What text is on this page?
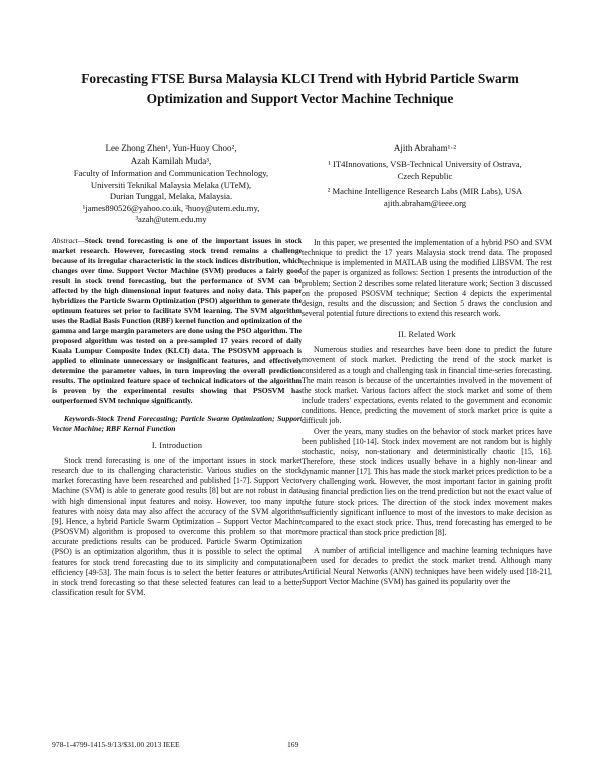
Forecasting FTSE Bursa Malaysia KLCI Trend with Hybrid Particle Swarm Optimization and Support Vector Machine Technique
Lee Zhong Zhen¹, Yun-Huoy Choo²,
Azah Kamilah Muda³,
Faculty of Information and Communication Technology,
Universiti Teknikal Malaysia Melaka (UTeM),
Durian Tunggal, Melaka, Malaysia.
¹james890526@yahoo.co.uk, ²huoy@utem.edu.my,
³azah@utem.edu.my
Ajith Abraham¹·²
¹ IT4Innovations, VSB-Technical University of Ostrava,
Czech Republic
² Machine Intelligence Research Labs (MIR Labs), USA
ajith.abraham@ieee.org

Abstract—Stock trend forecasting is one of the important issues in stock market research. However, forecasting stock trend remains a challenge because of its irregular characteristic in the stock indices distribution, which changes over time. Support Vector Machine (SVM) produces a fairly good result in stock trend forecasting, but the performance of SVM can be affected by the high dimensional input features and noisy data. This paper hybridizes the Particle Swarm Optimization (PSO) algorithm to generate the optimum features set prior to facilitate SVM learning. The SVM algorithm uses the Radial Basis Function (RBF) kernel function and optimization of the gamma and large margin parameters are done using the PSO algorithm. The proposed algorithm was tested on a pre-sampled 17 years record of daily Kuala Lumpur Composite Index (KLCI) data. The PSOSVM approach is applied to eliminate unnecessary or insignificant features, and effectively determine the parameter values, in turn improving the overall prediction results. The optimized feature space of technical indicators of the algorithm is proven by the experimental results showing that PSOSVM has outperformed SVM technique significantly.

Keywords-Stock Trend Forecasting; Particle Swarm Optimization; Support Vector Machine; RBF Kernal Function

I. Introduction

Stock trend forecasting is one of the important issues in stock market research due to its challenging characteristic. Various studies on the stock market forecasting have been researched and published [1-7]. Support Vector Machine (SVM) is able to generate good results [8] but are not robust in data with high dimensional input features and noisy. However, too many input features with noisy data may also affect the accuracy of the SVM algorithm [9]. Hence, a hybrid Particle Swarm Optimization – Support Vector Machine (PSOSVM) algorithm is proposed to overcome this problem so that more accurate predictions results can be produced. Particle Swarm Optimization (PSO) is an optimization algorithm, thus it is possible to select the optimal features for stock trend forecasting due to its simplicity and computational efficiency [49-53]. The main focus is to select the better features or attributes in stock trend forecasting so that these selected features can lead to a better classification result for SVM.

In this paper, we presented the implementation of a hybrid PSO and SVM technique to predict the 17 years Malaysia stock trend data. The proposed technique is implemented in MATLAB using the modified LIBSVM. The rest of the paper is organized as follows: Section 1 presents the introduction of the problem; Section 2 describes some related literature work; Section 3 discussed on the proposed PSOSVM technique; Section 4 depicts the experimental design, results and the discussion; and Section 5 draws the conclusion and several potential future directions to extend this research work.

II. Related Work

Numerous studies and researches have been done to predict the future movement of stock market. Predicting the trend of the stock market is considered as a tough and challenging task in financial time-series forecasting. The main reason is because of the uncertainties involved in the movement of the stock market. Various factors affect the stock market and some of them include traders' expectations, events related to the government and economic conditions. Hence, predicting the movement of stock market price is quite a difficult job.

Over the years, many studies on the behavior of stock market prices have been published [10-14]. Stock index movement are not random but is highly stochastic, noisy, non-stationary and deterministically chaotic [15, 16]. Therefore, these stock indices usually behave in a highly non-linear and dynamic manner [17]. This has made the stock market prices prediction to be a very challenging work. However, the most important factor in gaining profit using financial prediction lies on the trend prediction but not the exact value of the future stock prices. The direction of the stock index movement makes sufficiently significant influence to most of the investors to make decision as compared to the exact stock price. Thus, trend forecasting has emerged to be more practical than stock price prediction [8].

A number of artificial intelligence and machine learning techniques have been used for decades to predict the stock market trend. Although many Artificial Neural Networks (ANN) techniques have been widely used [18-21], Support Vector Machine (SVM) has gained its popularity over the

978-1-4799-1415-9/13/$31.00 2013 IEEE	169
